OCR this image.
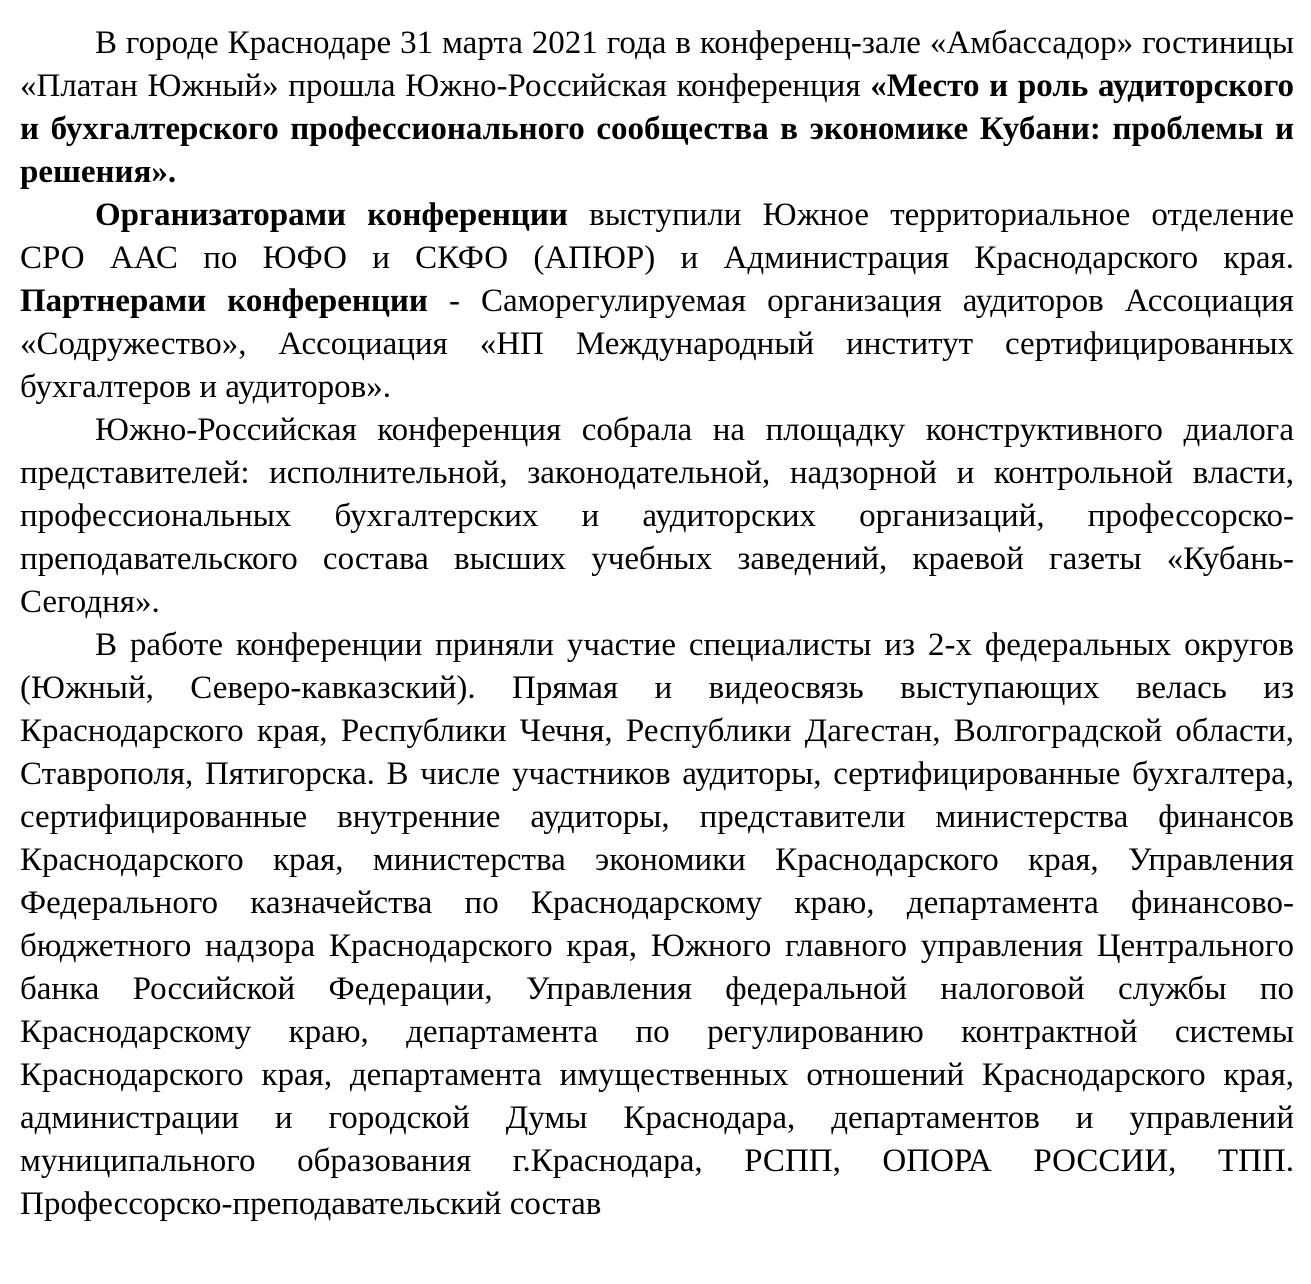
В городе Краснодаре 31 марта 2021 года в конференц-зале «Амбассадор» гостиницы «Платан Южный» прошла Южно-Российская конференция «Место и роль аудиторского и бухгалтерского профессионального сообщества в экономике Кубани: проблемы и решения».

Организаторами конференции выступили Южное территориальное отделение СРО ААС по ЮФО и СКФО (АПЮР) и Администрация Краснодарского края. Партнерами конференции - Саморегулируемая организация аудиторов Ассоциация «Содружество», Ассоциация «НП Международный институт сертифицированных бухгалтеров и аудиторов».

Южно-Российская конференция собрала на площадку конструктивного диалога представителей: исполнительной, законодательной, надзорной и контрольной власти, профессиональных бухгалтерских и аудиторских организаций, профессорско-преподавательского состава высших учебных заведений, краевой газеты «Кубань-Сегодня».

В работе конференции приняли участие специалисты из 2-х федеральных округов (Южный, Северо-кавказский). Прямая и видеосвязь выступающих велась из Краснодарского края, Республики Чечня, Республики Дагестан, Волгоградской области, Ставрополя, Пятигорска. В числе участников аудиторы, сертифицированные бухгалтера, сертифицированные внутренние аудиторы, представители министерства финансов Краснодарского края, министерства экономики Краснодарского края, Управления Федерального казначейства по Краснодарскому краю, департамента финансово-бюджетного надзора Краснодарского края, Южного главного управления Центрального банка Российской Федерации, Управления федеральной налоговой службы по Краснодарскому краю, департамента по регулированию контрактной системы Краснодарского края, департамента имущественных отношений Краснодарского края, администрации и городской Думы Краснодара, департаментов и управлений муниципального образования г.Краснодара, РСПП, ОПОРА РОССИИ, ТПП. Профессорско-преподавательский состав
